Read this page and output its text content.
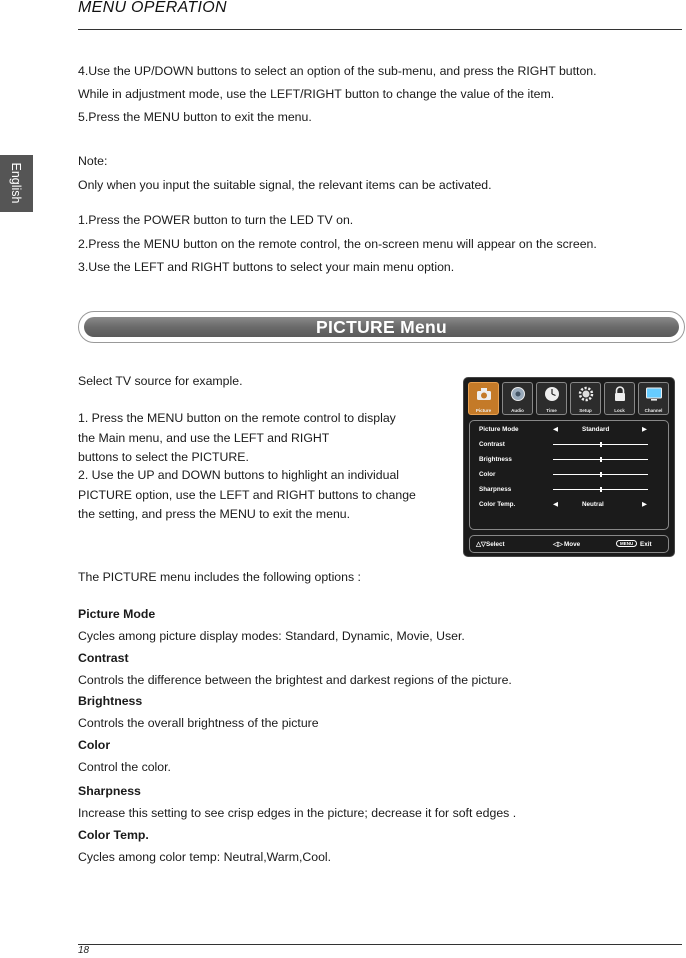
MENU OPERATION
English
4.Use the UP/DOWN buttons to select an option of the sub-menu, and press the RIGHT button.
While in adjustment mode, use the LEFT/RIGHT button to change the value of the item.
5.Press the MENU button to exit the menu.
Note:
Only when you input the suitable signal, the relevant items can be activated.
1.Press the POWER button to turn the LED TV on.
2.Press the MENU button on the remote control, the on-screen menu will appear on the screen.
3.Use the LEFT and RIGHT buttons to select your main menu option.
PICTURE Menu
Select TV source for example.
1. Press the MENU button on the remote control to display
the Main menu, and use the LEFT and RIGHT
buttons to select the PICTURE.
2. Use the UP and DOWN buttons to highlight an individual
PICTURE option, use the LEFT and RIGHT buttons to change
the setting, and press the MENU to exit the menu.
Picture	Audio	Time	Setup	Lock	Channel
Picture Mode	◀	Standard	▶
Contrast
Brightness
Color
Sharpness
Color Temp.	◀	Neutral	▶
△▽ Select	◁▷ Move	MENU	Exit
The PICTURE menu includes the following options :
Picture Mode
Cycles among picture display modes: Standard, Dynamic, Movie, User.
Contrast
Controls the difference between the brightest and darkest regions of the picture.
Brightness
Controls the overall brightness of the picture
Color
Control the color.
Sharpness
Increase this setting to see crisp edges in the picture; decrease it for soft edges .
Color Temp.
Cycles among color temp: Neutral,Warm,Cool.
18
